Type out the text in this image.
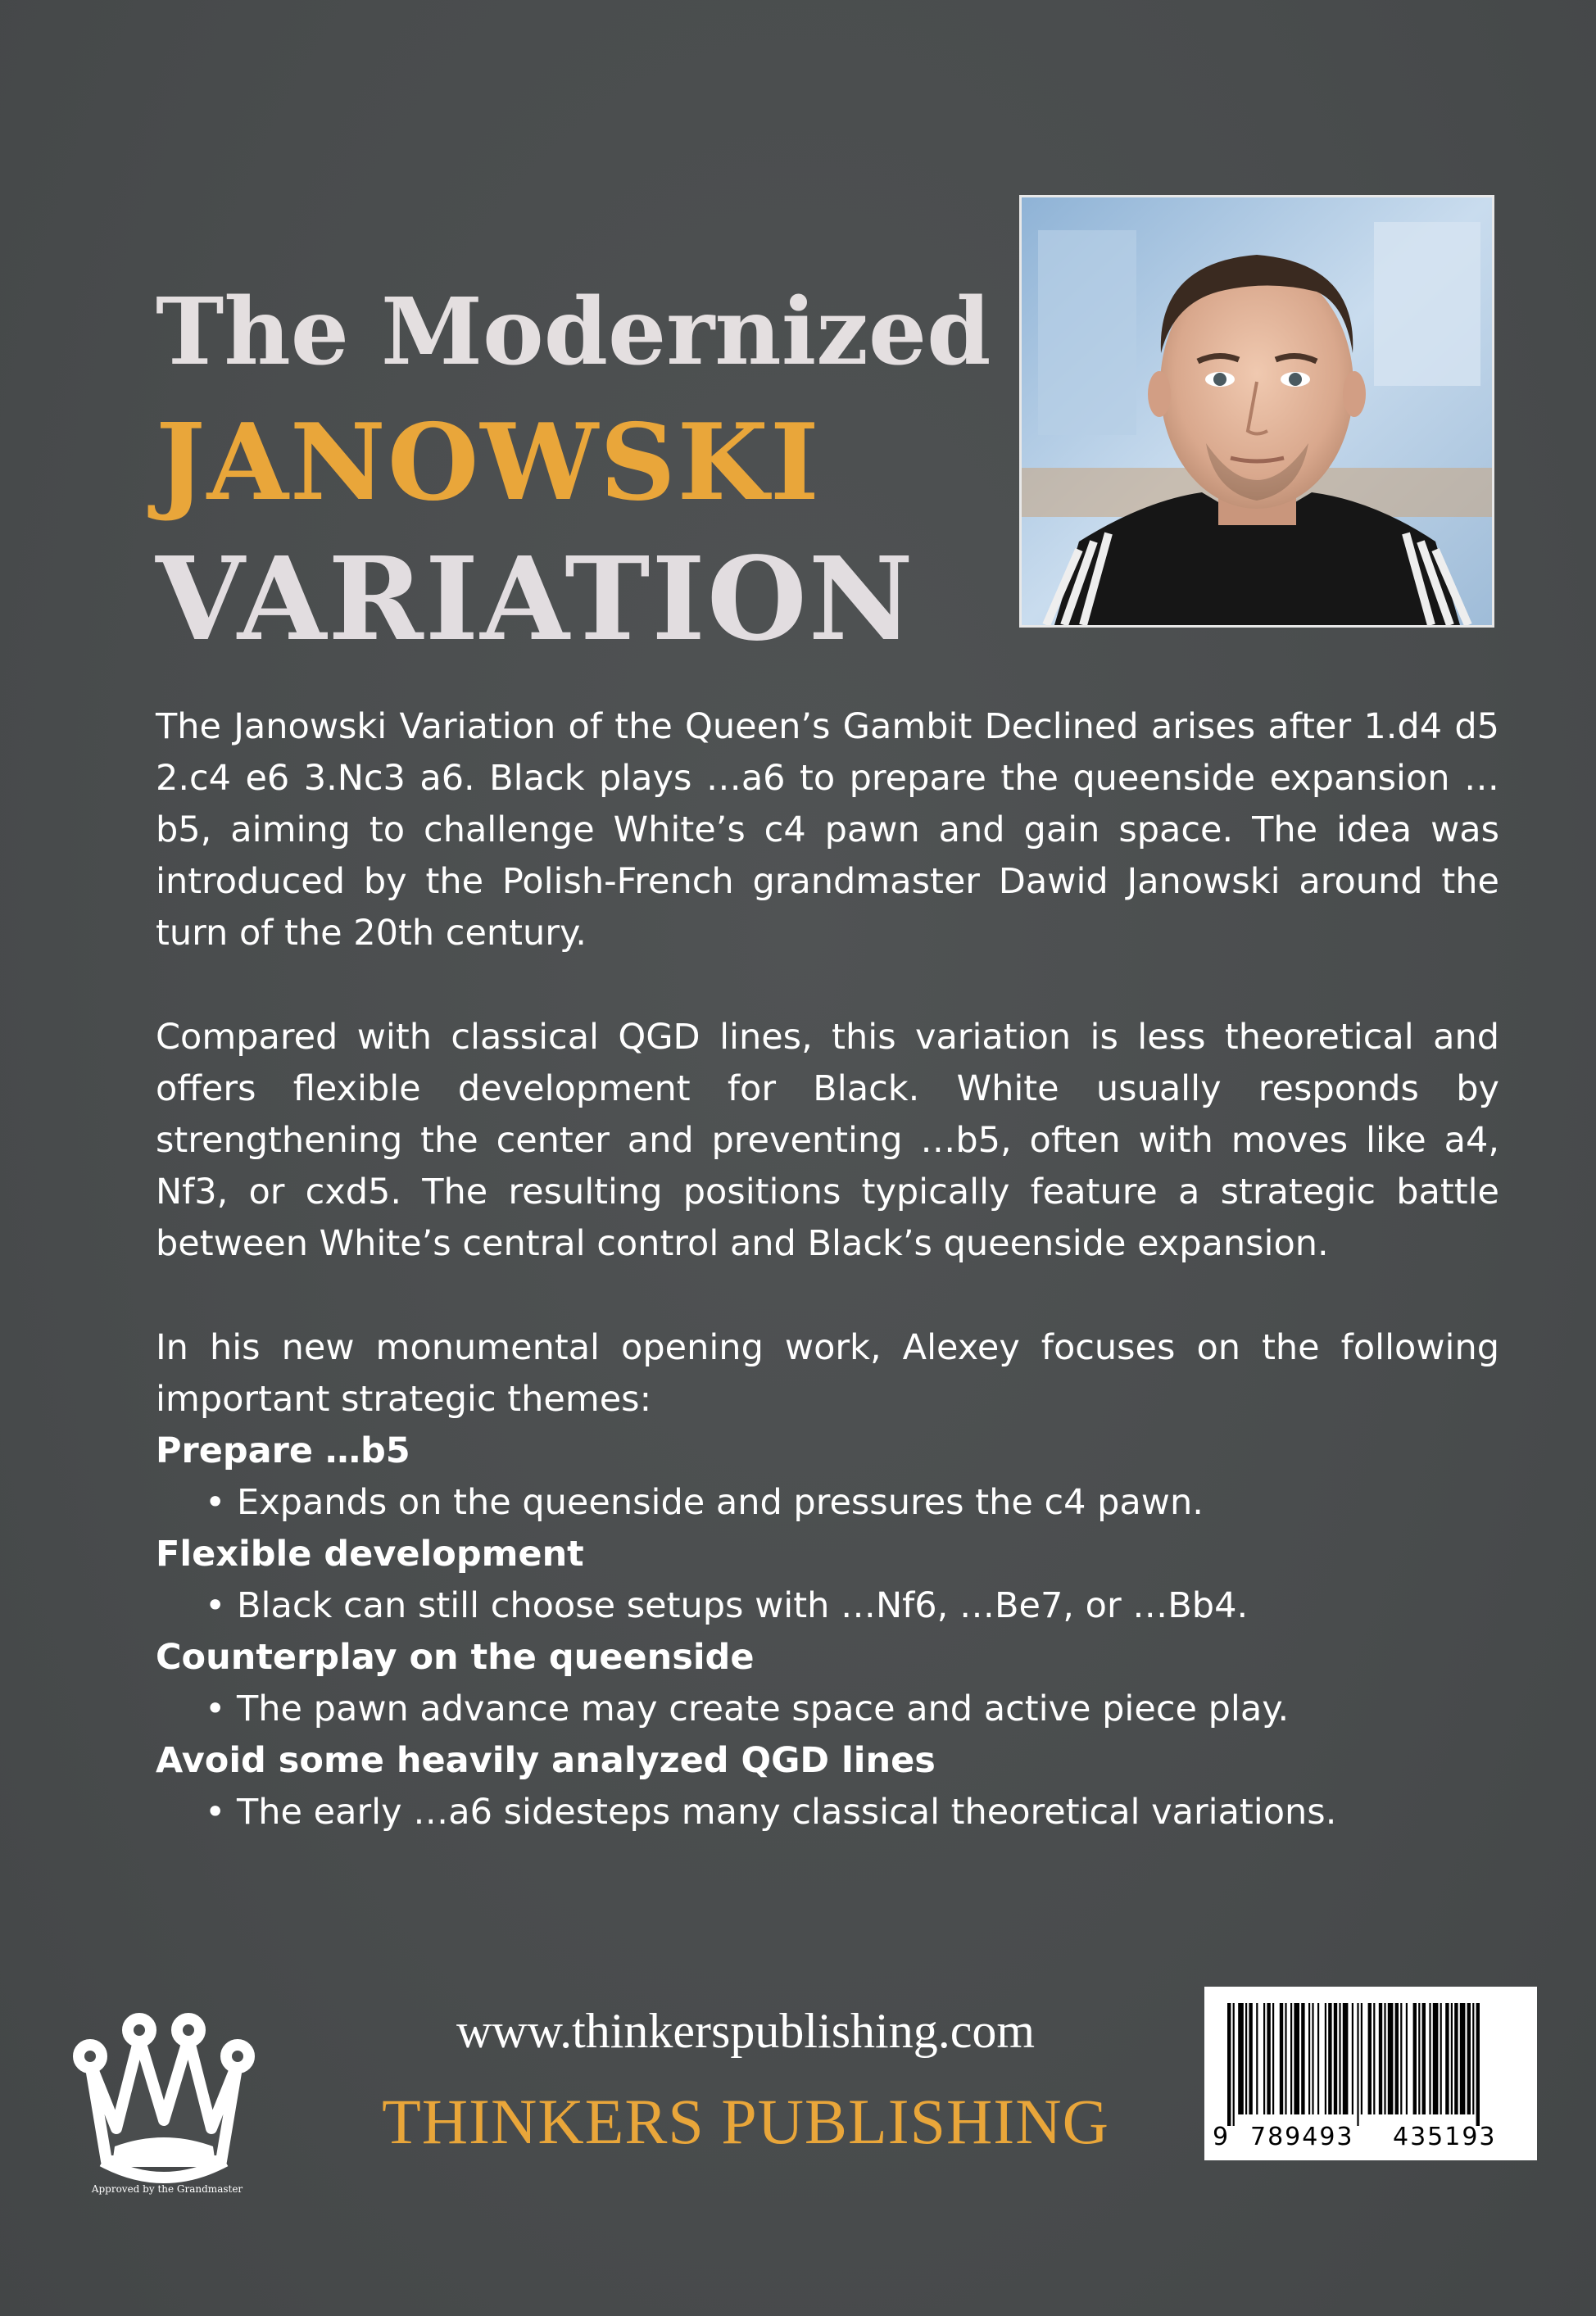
The Modernized
JANOWSKI
VARIATION

The Janowski Variation of the Queen’s Gambit Declined arises after 1.d4 d5 2.c4 e6 3.Nc3 a6. Black plays …a6 to prepare the queenside expansion …b5, aiming to challenge White’s c4 pawn and gain space. The idea was introduced by the Polish-French grandmaster Dawid Janowski around the turn of the 20th century.

Compared with classical QGD lines, this variation is less theoretical and offers flexible development for Black. White usually responds by strengthening the center and preventing …b5, often with moves like a4, Nf3, or cxd5. The resulting positions typically feature a strategic battle between White’s central control and Black’s queenside expansion.

In his new monumental opening work, Alexey focuses on the following important strategic themes:

Prepare …b5

• Expands on the queenside and pressures the c4 pawn.

Flexible development

• Black can still choose setups with …Nf6, …Be7, or …Bb4.

Counterplay on the queenside

• The pawn advance may create space and active piece play.

Avoid some heavily analyzed QGD lines

• The early …a6 sidesteps many classical theoretical variations.

Approved by the Grandmaster
www.thinkerspublishing.com
THINKERS PUBLISHING	9 789493 435193
